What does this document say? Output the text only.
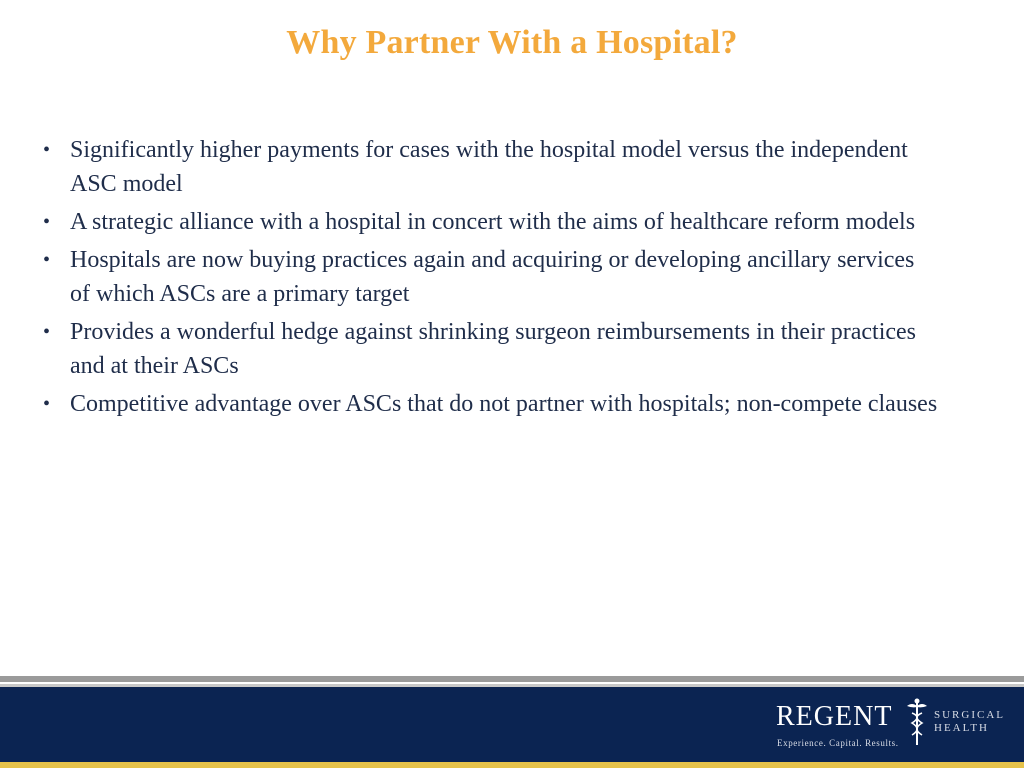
Why Partner With a Hospital?
• Significantly higher payments for cases with the hospital model versus the independent ASC model
• A strategic alliance with a hospital in concert with the aims of healthcare reform models
• Hospitals are now buying practices again and acquiring or developing ancillary services of which ASCs are a primary target
• Provides a wonderful hedge against shrinking surgeon reimbursements in their practices and at their ASCs
• Competitive advantage over ASCs that do not partner with hospitals; non-compete clauses
REGENT	SURGICAL
HEALTH
Experience. Capital. Results.
